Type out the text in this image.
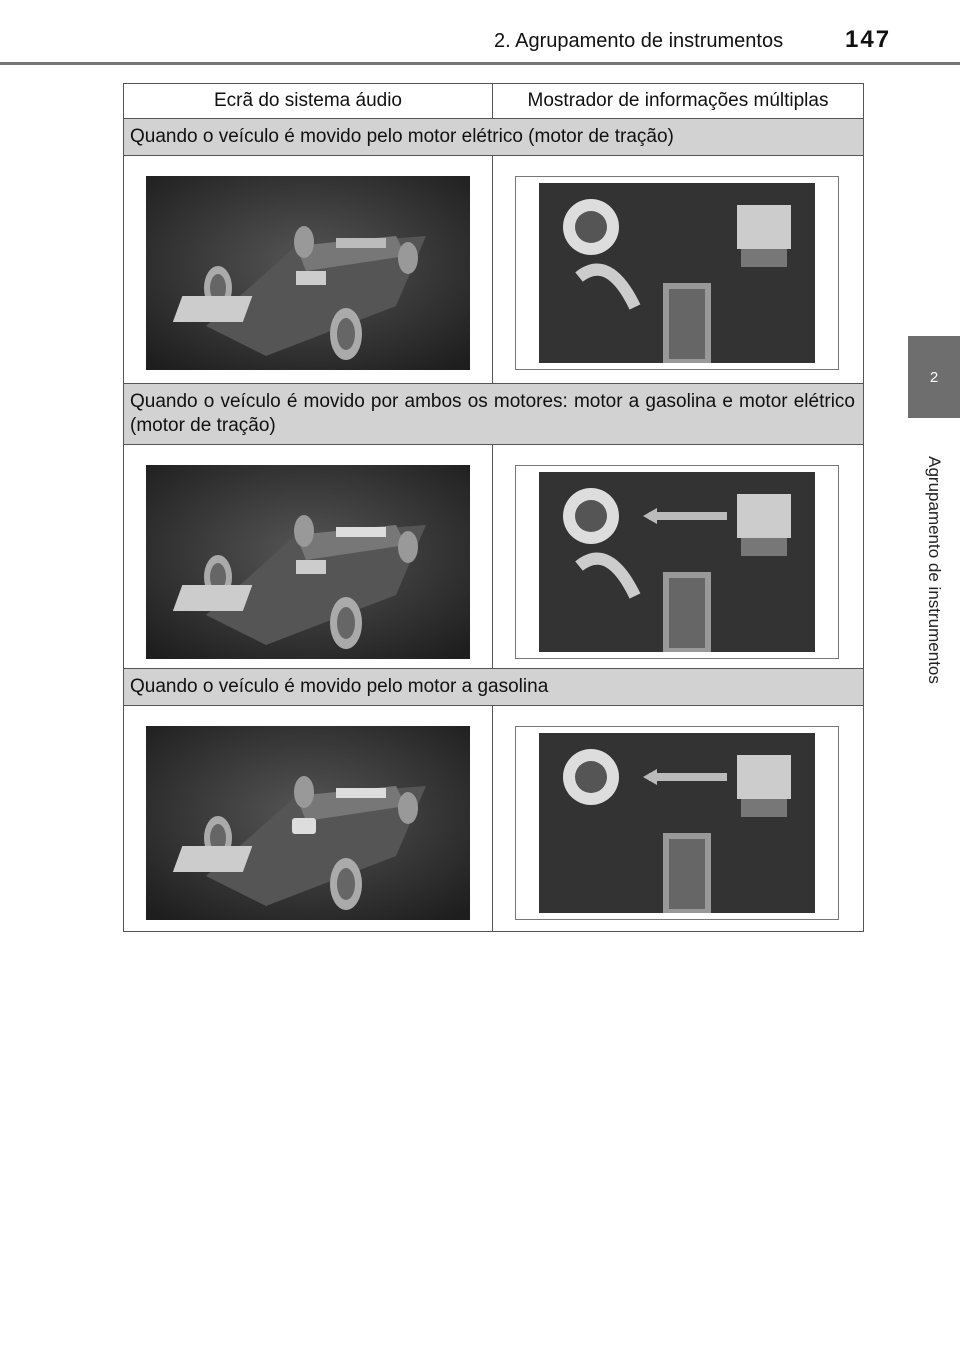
2. Agrupamento de instrumentos	147
2
Agrupamento de instrumentos
Ecrã do sistema áudio	Mostrador de informações múltiplas
Quando o veículo é movido pelo motor elétrico (motor de tração)	

Quando o veículo é movido por ambos os motores: motor a gasolina e motor elétrico (motor de tração)	

Quando o veículo é movido pelo motor a gasolina	
